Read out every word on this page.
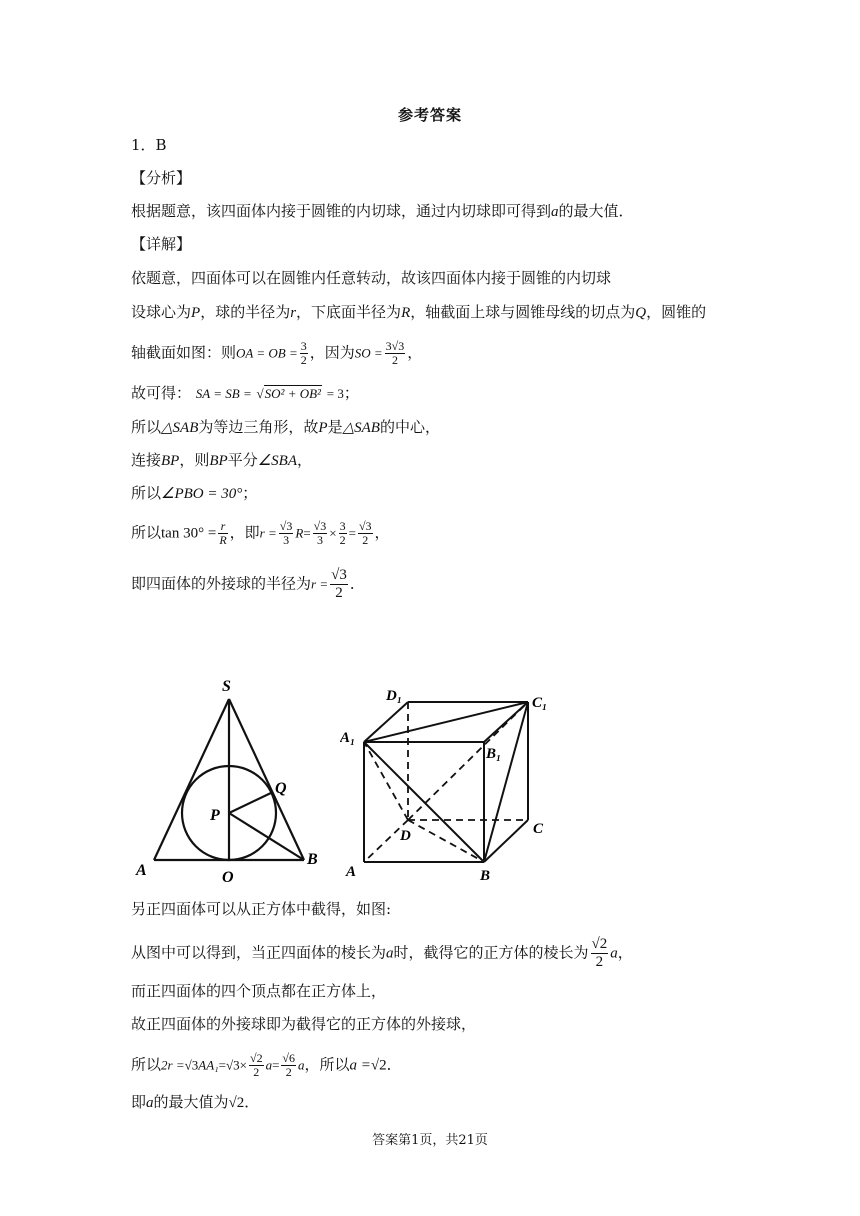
参考答案
1．B
【分析】
根据题意，该四面体内接于圆锥的内切球，通过内切球即可得到a的最大值．
【详解】
依题意，四面体可以在圆锥内任意转动，故该四面体内接于圆锥的内切球
设球心为P，球的半径为r，下底面半径为R，轴截面上球与圆锥母线的切点为Q，圆锥的
轴截面如图：则OA = OB = $\frac{3}{2}$ ，因为SO = $\frac{3√3}{2}$ ，
故可得： SA = SB = √SO² + OB² = 3；
所以△SAB为等边三角形，故P是△SAB的中心，
连接BP，则BP平分∠SBA，
所以∠PBO = 30°；
所以$\tan 30^\circ = \frac{r}{R}$ ，即$r = \frac{√3}{3} R= \frac{√3}{3} \times \frac{3}{2} = \frac{√3}{2}$ ，
即四面体的外接球的半径为$r = \frac{√3}{2}$ ．
S
Q
P
A	O
B
D₁	C₁
A₁
B₁
C
D
A	B
另正四面体可以从正方体中截得，如图:
从图中可以得到，当正四面体的棱长为a时，截得它的正方体的棱长为 $\frac{√2}{2}$ a，
而正四面体的四个顶点都在正方体上，
故正四面体的外接球即为截得它的正方体的外接球，
所以$2r =√3AA_1=√3\times \frac{√2}{2} a= \frac{√6}{2}$ a，所以a =√2．
即a的最大值为√2．
答案第1页，共21页
